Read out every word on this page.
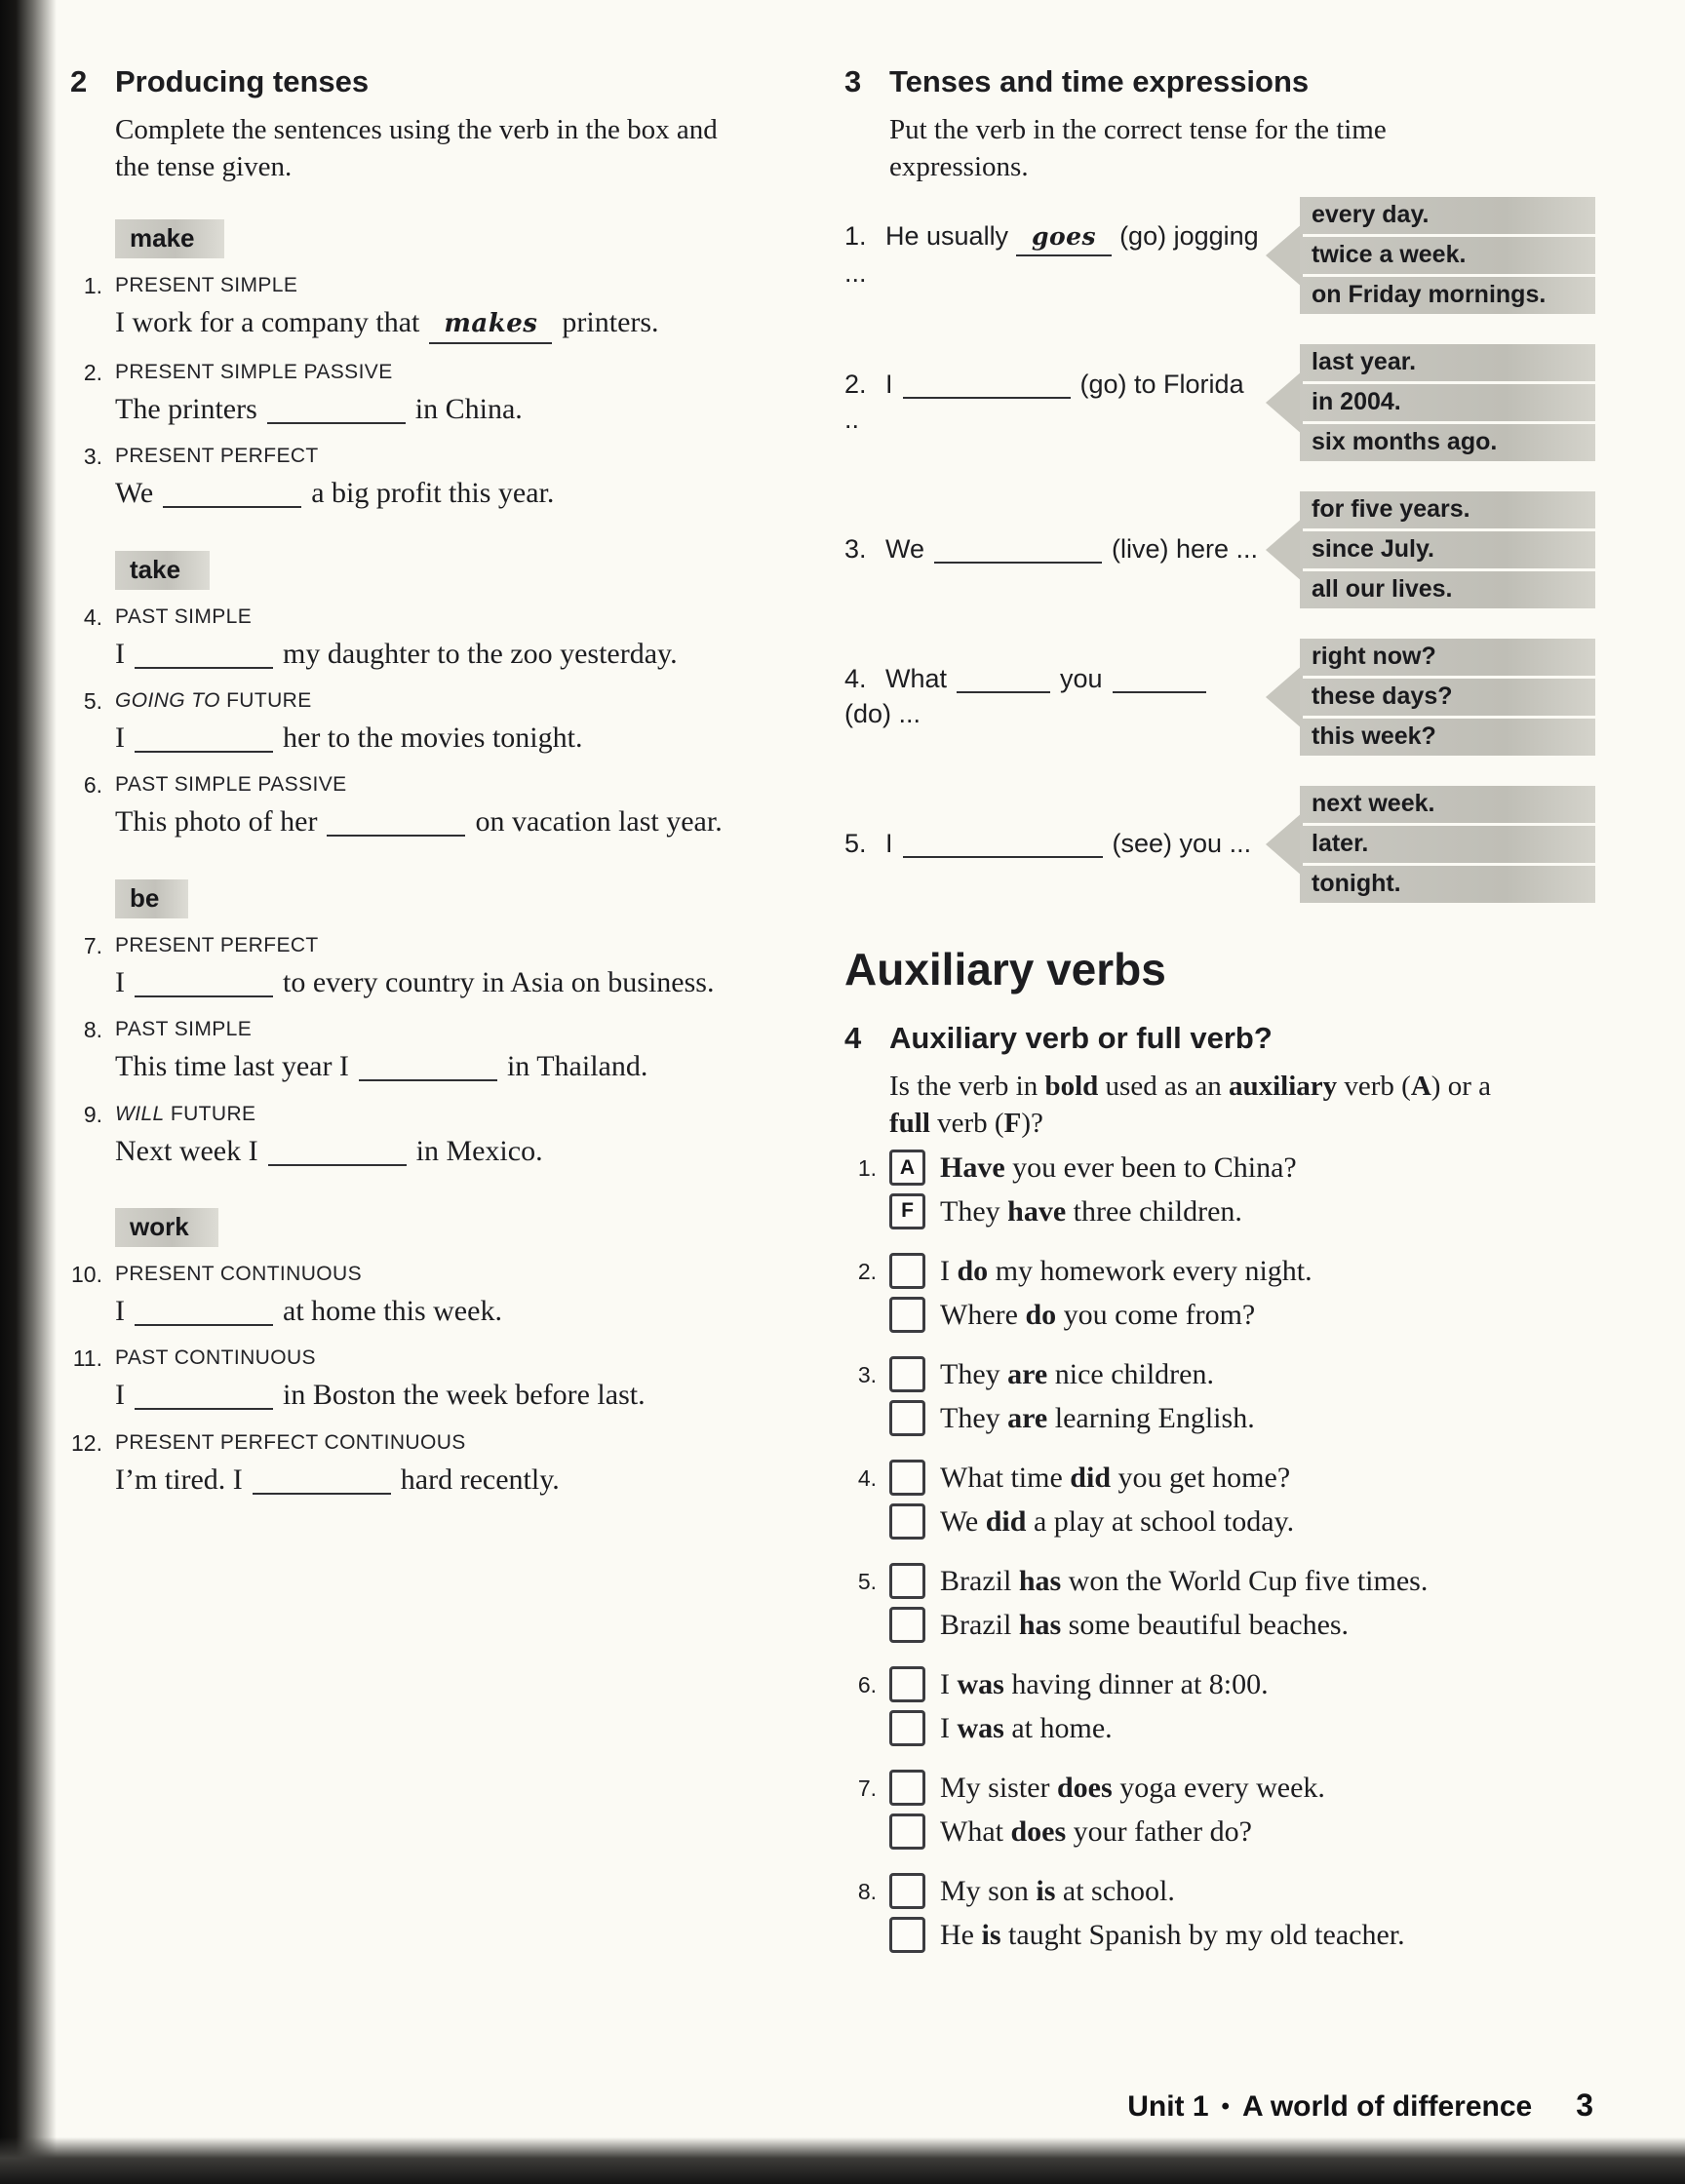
2 Producing tenses

Complete the sentences using the verb in the box and the tense given.

make
1. PRESENT SIMPLE
I work for a company that makes printers.
2. PRESENT SIMPLE PASSIVE
The printers	in China.
3. PRESENT PERFECT
We	a big profit this year.
take
4. PAST SIMPLE
I	my daughter to the zoo yesterday.
5. GOING TO FUTURE
I	her to the movies tonight.
6. PAST SIMPLE PASSIVE
This photo of her	on vacation last year.
be
7. PRESENT PERFECT
I	to every country in Asia on business.
8. PAST SIMPLE
This time last year I	in Thailand.
9. WILL FUTURE
Next week I	in Mexico.
work
10. PRESENT CONTINUOUS
I	at home this week.
11. PAST CONTINUOUS
I	in Boston the week before last.
12. PRESENT PERFECT CONTINUOUS
I’m tired. I	hard recently.
3 Tenses and time expressions

Put the verb in the correct tense for the time expressions.

1. He usually goes (go) jogging ...
every day.
twice a week.
on Friday mornings.
2. I	(go) to Florida ..
last year.
in 2004.
six months ago.
3. We	(live) here ...
for five years.
since July.
all our lives.
4. What	you(do) ...
right now?
these days?
this week?
5. I	(see) you ...
next week.
later.
tonight.
Auxiliary verbs
4 Auxiliary verb or full verb?

Is the verb in bold used as an auxiliary verb (A) or a full verb (F)?

1.	A Have you ever been to China?
F They have three children.
2.	I do my homework every night.
Where do you come from?
3.	They are nice children.
They are learning English.
4.	What time did you get home?
We did a play at school today.
5.	Brazil has won the World Cup five times.
Brazil has some beautiful beaches.
6.	I was having dinner at 8:00.
I was at home.
7.	My sister does yoga every week.
What does your father do?
8.	My son is at school.
He is taught Spanish by my old teacher.
Unit 1 • A world of difference 3
